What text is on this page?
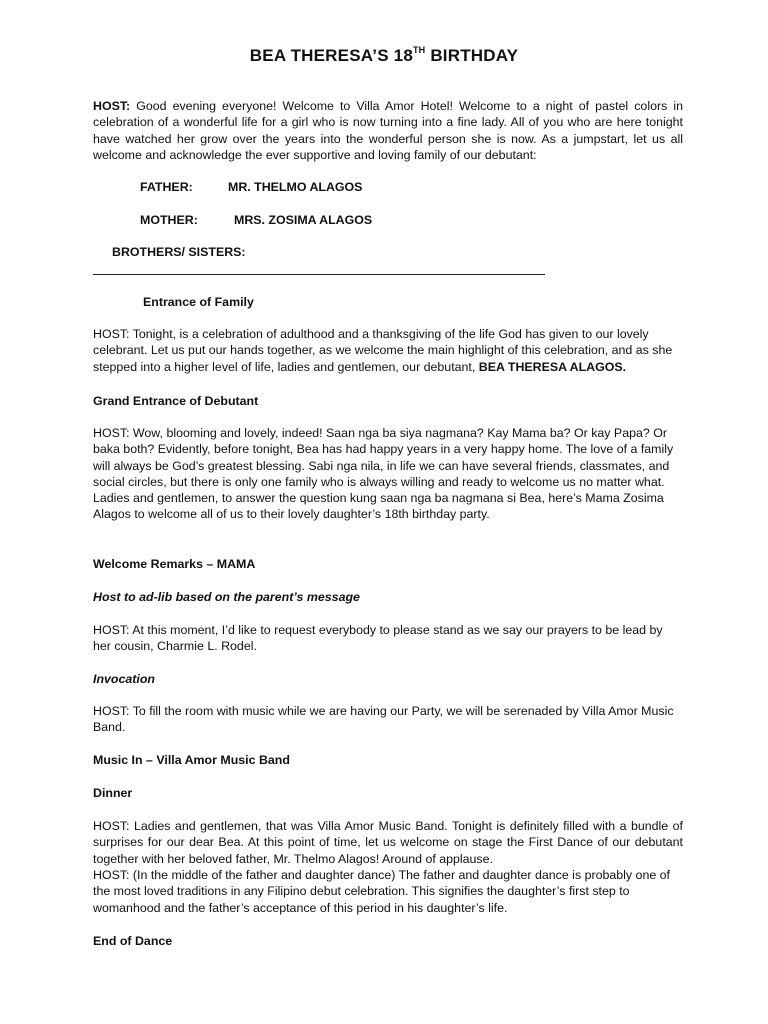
BEA THERESA’S 18TH BIRTHDAY
HOST: Good evening everyone! Welcome to Villa Amor Hotel! Welcome to a night of pastel colors in celebration of a wonderful life for a girl who is now turning into a fine lady. All of you who are here tonight have watched her grow over the years into the wonderful person she is now. As a jumpstart, let us all welcome and acknowledge the ever supportive and loving family of our debutant:
FATHER:	MR. THELMO ALAGOS
MOTHER:	MRS. ZOSIMA ALAGOS
BROTHERS/ SISTERS:
Entrance of Family
HOST: Tonight, is a celebration of adulthood and a thanksgiving of the life God has given to our lovely celebrant. Let us put our hands together, as we welcome the main highlight of this celebration, and as she stepped into a higher level of life, ladies and gentlemen, our debutant, BEA THERESA ALAGOS.
Grand Entrance of Debutant
HOST: Wow, blooming and lovely, indeed! Saan nga ba siya nagmana? Kay Mama ba? Or kay Papa? Or baka both? Evidently, before tonight, Bea has had happy years in a very happy home. The love of a family will always be God’s greatest blessing. Sabi nga nila, in life we can have several friends, classmates, and social circles, but there is only one family who is always willing and ready to welcome us no matter what. Ladies and gentlemen, to answer the question kung saan nga ba nagmana si Bea, here’s Mama Zosima Alagos to welcome all of us to their lovely daughter’s 18th birthday party.
Welcome Remarks – MAMA
Host to ad-lib based on the parent’s message
HOST: At this moment, I’d like to request everybody to please stand as we say our prayers to be lead by her cousin, Charmie L. Rodel.
Invocation
HOST: To fill the room with music while we are having our Party, we will be serenaded by Villa Amor Music Band.
Music In – Villa Amor Music Band
Dinner
HOST: Ladies and gentlemen, that was Villa Amor Music Band. Tonight is definitely filled with a bundle of surprises for our dear Bea. At this point of time, let us welcome on stage the First Dance of our debutant together with her beloved father, Mr. Thelmo Alagos! Around of applause.
HOST: (In the middle of the father and daughter dance) The father and daughter dance is probably one of the most loved traditions in any Filipino debut celebration. This signifies the daughter’s first step to womanhood and the father’s acceptance of this period in his daughter’s life.
End of Dance
